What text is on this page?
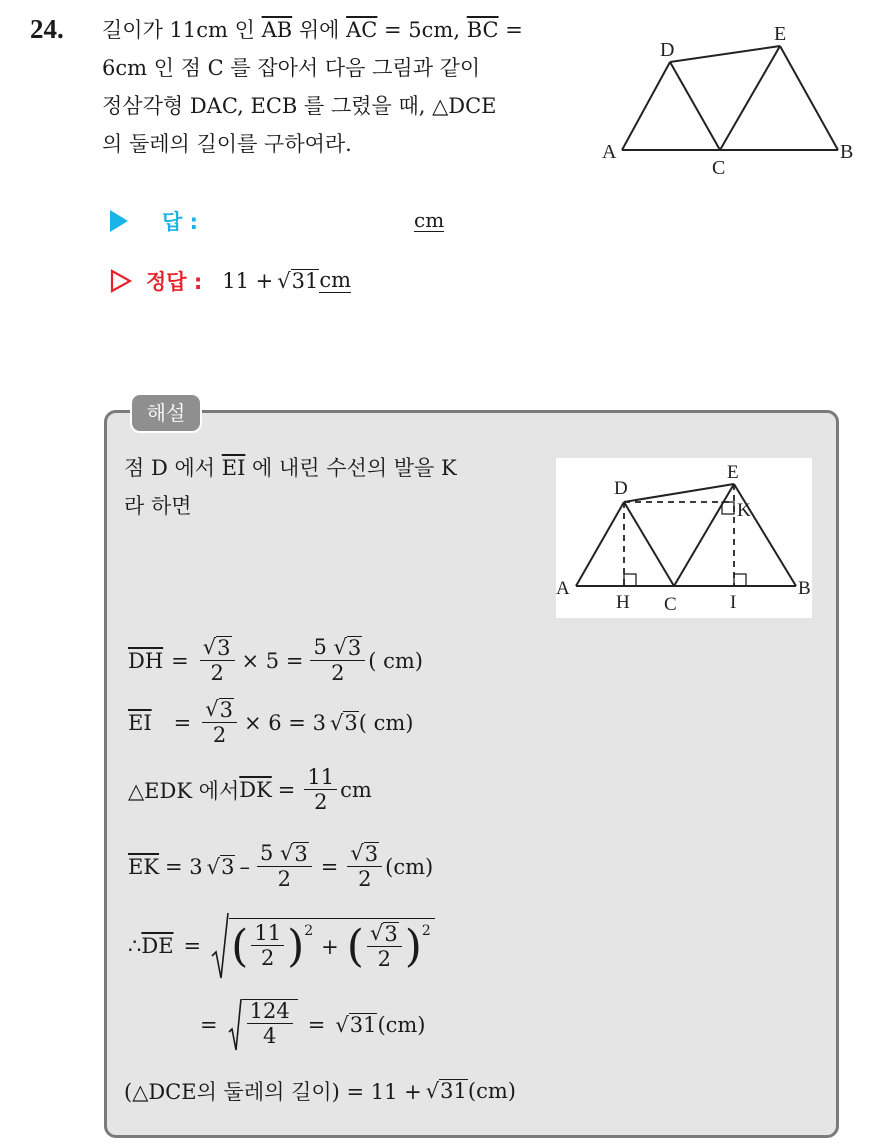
24. 길이가 11cm 인 $\overline{AB}$ 위에 $\overline{AC} = 5cm$, $\overline{BC}$ =
6cm 인 점 C 를 잡아서 다음 그림과 같이
정삼각형 DAC, ECB 를 그렸을 때, △DCE
의 둘레의 길이를 구하여라.	A	B
C
D
E
답 :	cm
정답 : 11 + √ 31 cm
해설
점 D 에서 $\overline{EI}$ 에 내린 수선의 발을 K
라 하면
A	B
C
D
E
H	I
K
$\overline{DH} = \frac{√ 3}{2} \times 5 = \frac{5 √ 3}{2}$ ( cm)
$\overline{EI} = \frac{√ 3}{2} \times 6 = 3$ √ 3 ( cm)
△EDK 에서 $\overline{DK} = \frac{11}{2}$ cm
$\overline{EK} = 3$ √ $3 - \frac{5 √ 3}{2} = \frac{√ 3}{2} (cm)$
∴ $\overline{DE}$ = ( $\frac{11}{2}$ ) 2
+ ( $\frac{√ 3}{2}$ ) 2
= $\frac{124}{4}$ = √ 31 (cm)
(△DCE의 둘레의 길이) = 11 + √ 31 (cm)
